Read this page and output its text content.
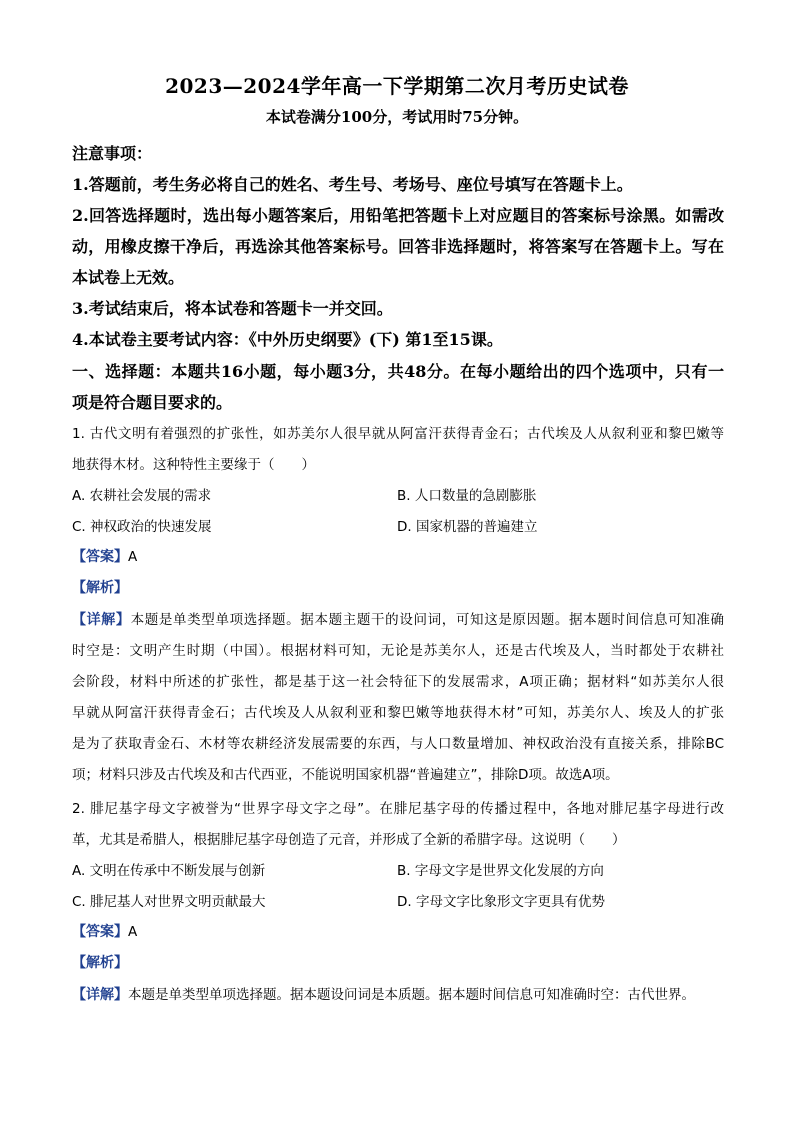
2023—2024学年高一下学期第二次月考历史试卷
本试卷满分100分，考试用时75分钟。
注意事项：
1.答题前，考生务必将自己的姓名、考生号、考场号、座位号填写在答题卡上。
2.回答选择题时，选出每小题答案后，用铅笔把答题卡上对应题目的答案标号涂黑。如需改
动，用橡皮擦干净后，再选涂其他答案标号。回答非选择题时，将答案写在答题卡上。写在
本试卷上无效。
3.考试结束后，将本试卷和答题卡一并交回。
4.本试卷主要考试内容：《中外历史纲要》(下) 第1至15课。
一、选择题：本题共16小题，每小题3分，共48分。在每小题给出的四个选项中，只有一
项是符合题目要求的。
1. 古代文明有着强烈的扩张性，如苏美尔人很早就从阿富汗获得青金石；古代埃及人从叙利亚和黎巴嫩等
地获得木材。这种特性主要缘于（　　）
A. 农耕社会发展的需求	B. 人口数量的急剧膨胀
C. 神权政治的快速发展	D. 国家机器的普遍建立
【答案】A
【解析】
【详解】本题是单类型单项选择题。据本题主题干的设问词，可知这是原因题。据本题时间信息可知准确
时空是：文明产生时期（中国）。根据材料可知，无论是苏美尔人，还是古代埃及人，当时都处于农耕社
会阶段，材料中所述的扩张性，都是基于这一社会特征下的发展需求，A项正确；据材料“如苏美尔人很
早就从阿富汗获得青金石；古代埃及人从叙利亚和黎巴嫩等地获得木材”可知，苏美尔人、埃及人的扩张
是为了获取青金石、木材等农耕经济发展需要的东西，与人口数量增加、神权政治没有直接关系，排除BC
项；材料只涉及古代埃及和古代西亚，不能说明国家机器“普遍建立”，排除D项。故选A项。
2. 腓尼基字母文字被誉为“世界字母文字之母”。在腓尼基字母的传播过程中，各地对腓尼基字母进行改
革，尤其是希腊人，根据腓尼基字母创造了元音，并形成了全新的希腊字母。这说明（　　）
A. 文明在传承中不断发展与创新	B. 字母文字是世界文化发展的方向
C. 腓尼基人对世界文明贡献最大	D. 字母文字比象形文字更具有优势
【答案】A
【解析】
【详解】本题是单类型单项选择题。据本题设问词是本质题。据本题时间信息可知准确时空：古代世界。
